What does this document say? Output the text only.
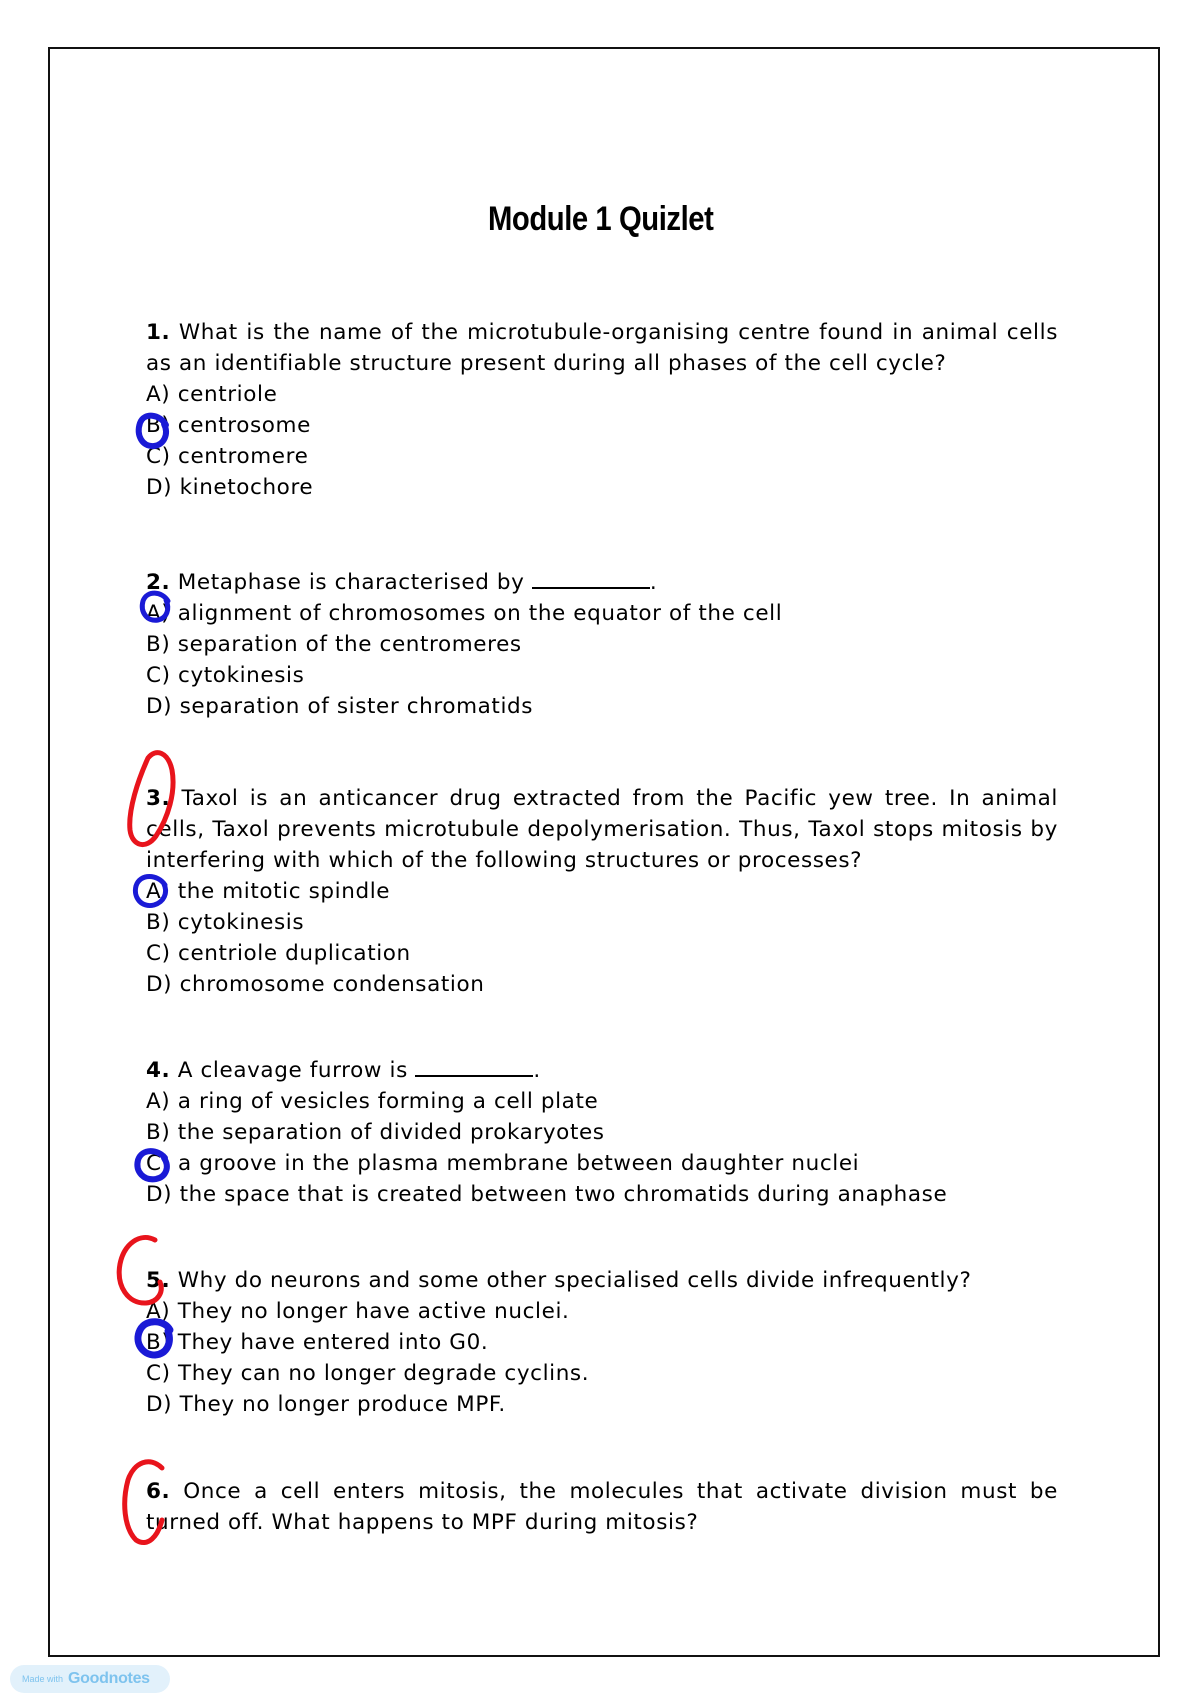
Module 1 Quizlet
1. What is the name of the microtubule-organising centre found in animal cells as an identifiable structure present during all phases of the cell cycle?
A) centriole
B) centrosome
C) centromere
D) kinetochore
2. Metaphase is characterised by	.
A) alignment of chromosomes on the equator of the cell
B) separation of the centromeres
C) cytokinesis
D) separation of sister chromatids
3. Taxol is an anticancer drug extracted from the Pacific yew tree. In animal cells, Taxol prevents microtubule depolymerisation. Thus, Taxol stops mitosis by interfering with which of the following structures or processes?
A) the mitotic spindle
B) cytokinesis
C) centriole duplication
D) chromosome condensation
4. A cleavage furrow is	.
A) a ring of vesicles forming a cell plate
B) the separation of divided prokaryotes
C) a groove in the plasma membrane between daughter nuclei
D) the space that is created between two chromatids during anaphase
5. Why do neurons and some other specialised cells divide infrequently?
A) They no longer have active nuclei.
B) They have entered into G0.
C) They can no longer degrade cyclins.
D) They no longer produce MPF.
6. Once a cell enters mitosis, the molecules that activate division must be turned off. What happens to MPF during mitosis?
Made with Goodnotes
